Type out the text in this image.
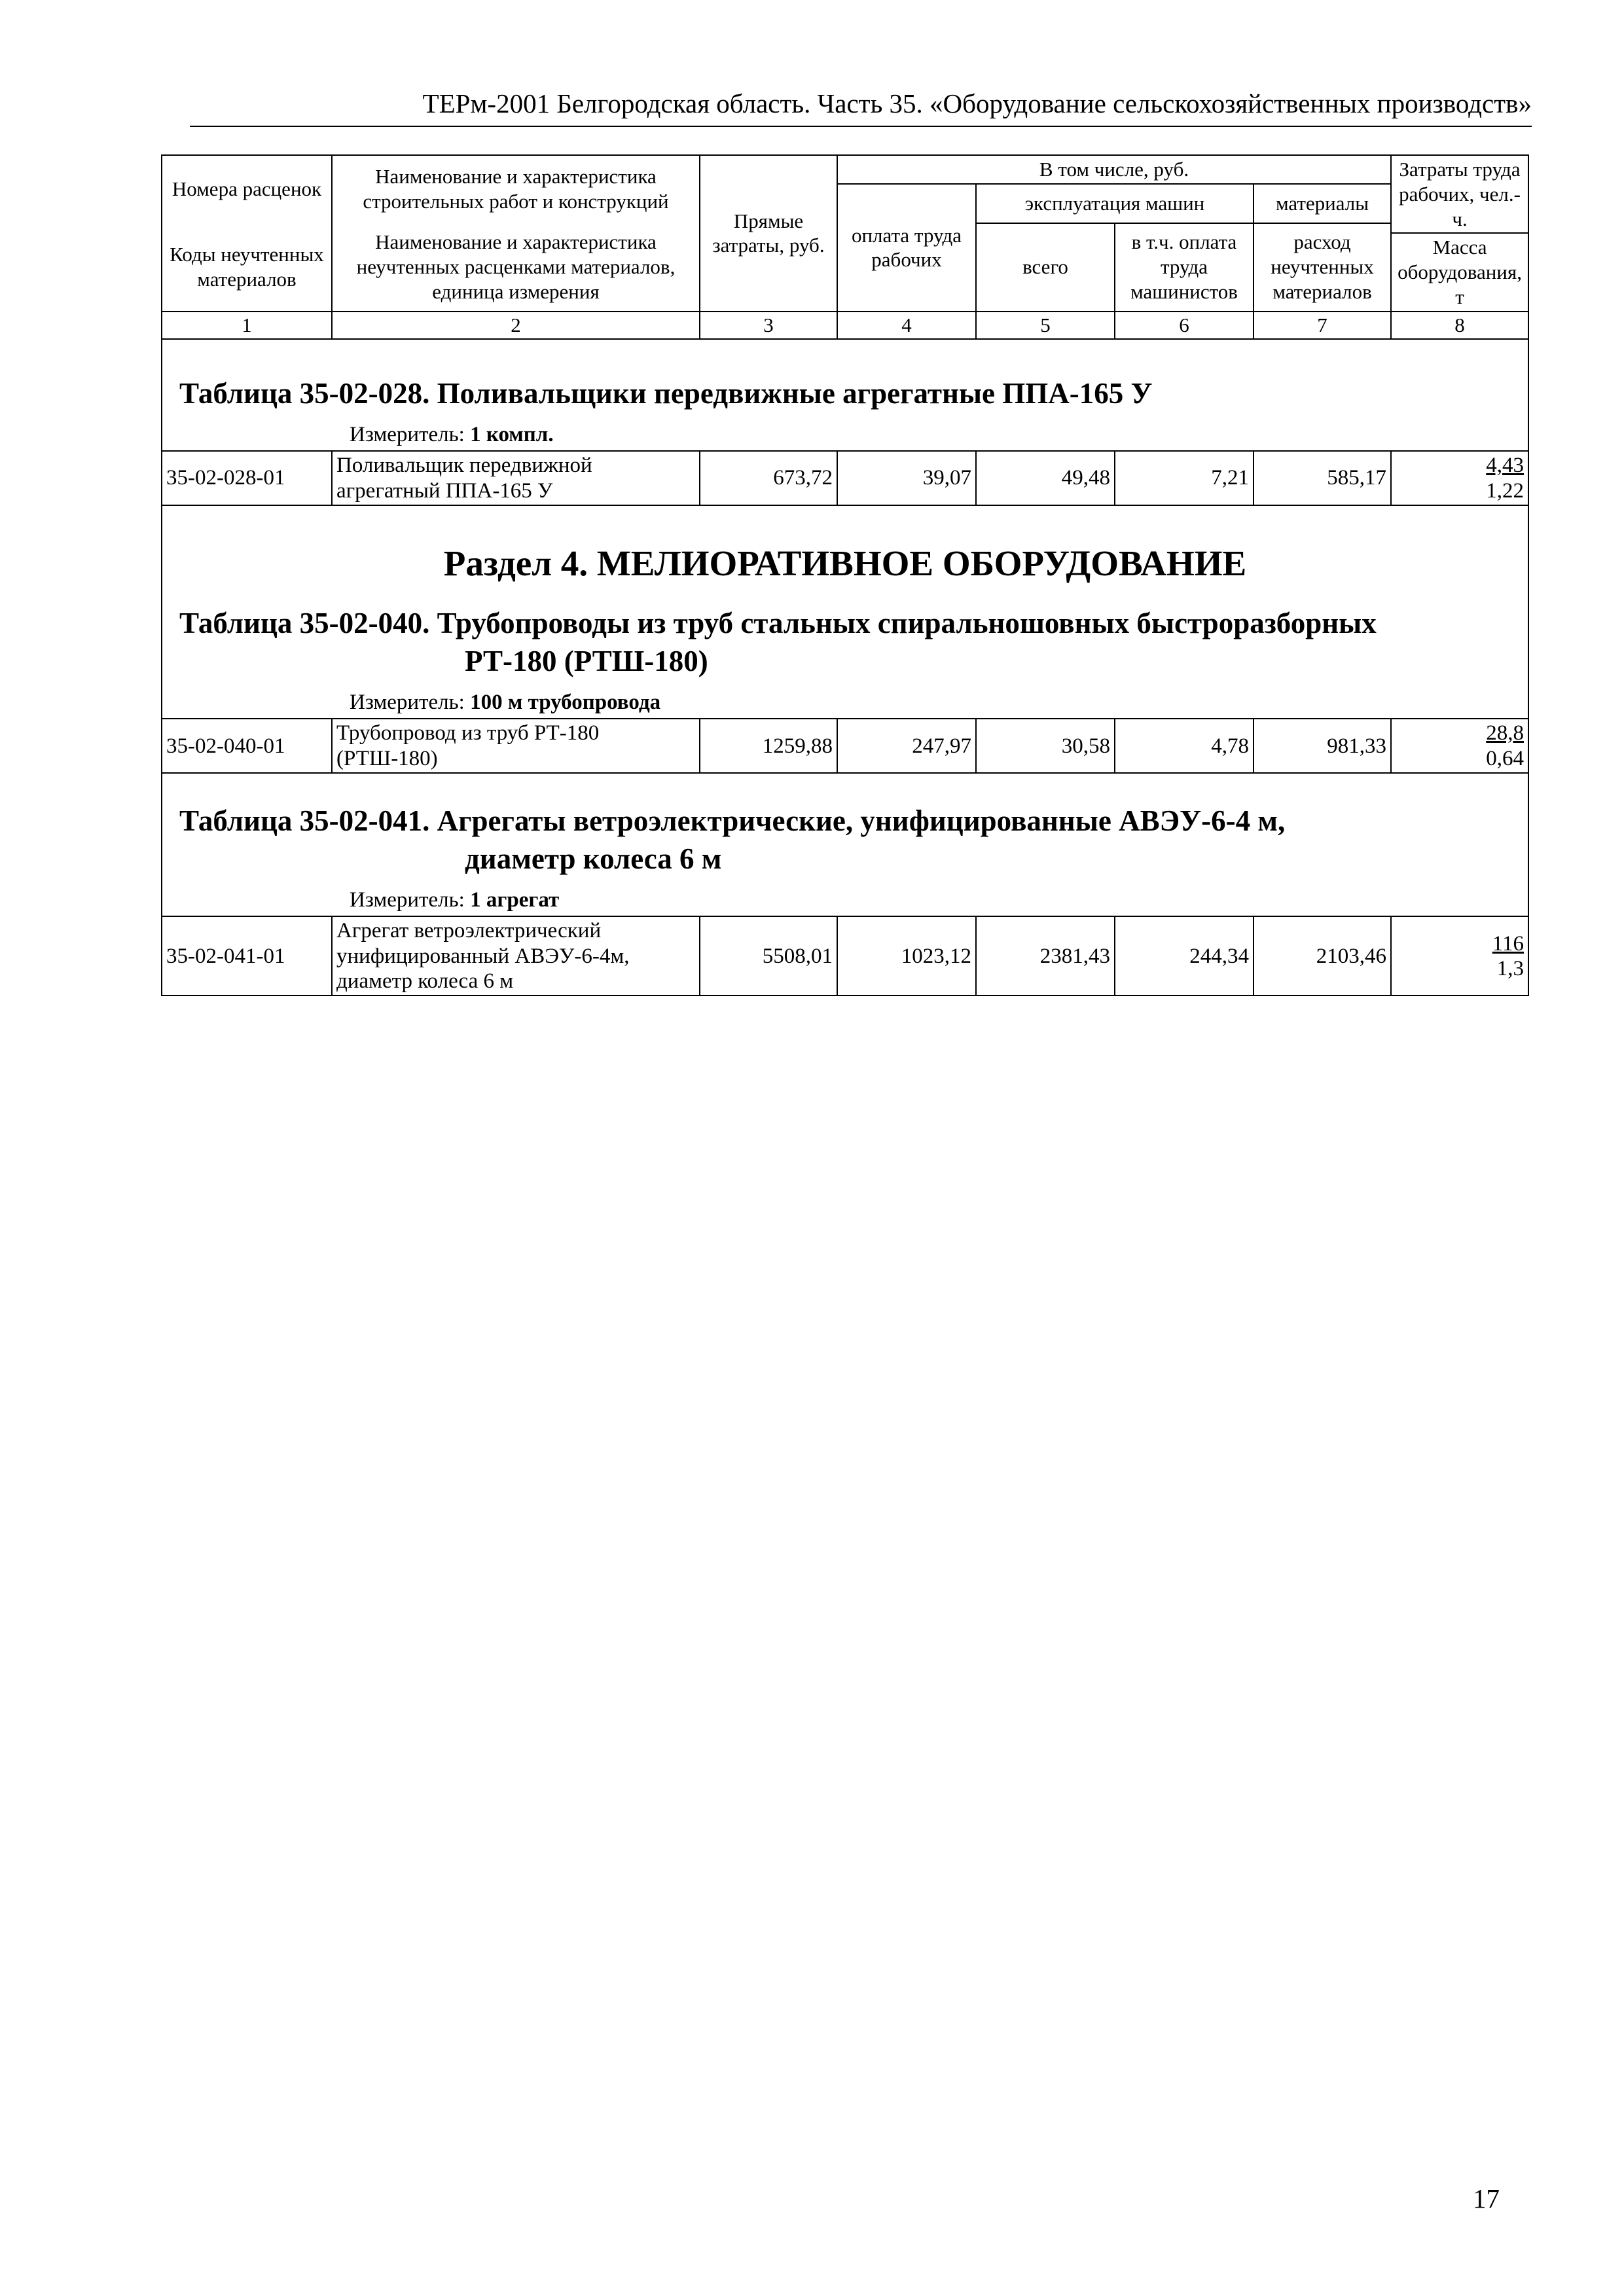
ТЕРм-2001 Белгородская область. Часть 35. «Оборудование сельскохозяйственных производств»
Номера расценок	Наименование и характеристика строительных работ и конструкций	Прямые затраты, руб.	В том числе, руб.				Затраты труда рабочих, чел.-ч.
			оплата труда рабочих	эксплуатация машин		материалы	
Коды неучтенных материалов	Наименование и характеристика неучтенных расценками материалов, единица измерения			всего	в т.ч. оплата труда машинистов	расход неучтенных материалов	
							Масса оборудования, т
1	2	3	4	5	6	7	8

Таблица 35-02-028. Поливальщики передвижные агрегатные ППА-165 У
Измеритель: 1 компл.							

35-02-028-01	Поливальщик передвижной агрегатный ППА-165 У	673,72	39,07	49,48	7,21	585,17	4,43
1,22

Раздел 4. МЕЛИОРАТИВНОЕ ОБОРУДОВАНИЕ
Таблица 35-02-040. Трубопроводы из труб стальных спиральношовных быстроразборных
РТ-180 (РТШ-180)
Измеритель: 100 м трубопровода							

35-02-040-01	Трубопровод из труб РТ-180 (РТШ-180)	1259,88	247,97	30,58	4,78	981,33	28,8
0,64

Таблица 35-02-041. Агрегаты ветроэлектрические, унифицированные АВЭУ-6-4 м,
диаметр колеса 6 м
Измеритель: 1 агрегат							

35-02-041-01	Агрегат ветроэлектрический унифицированный АВЭУ-6-4м, диаметр колеса 6 м	5508,01	1023,12	2381,43	244,34	2103,46	116
1,3
17
